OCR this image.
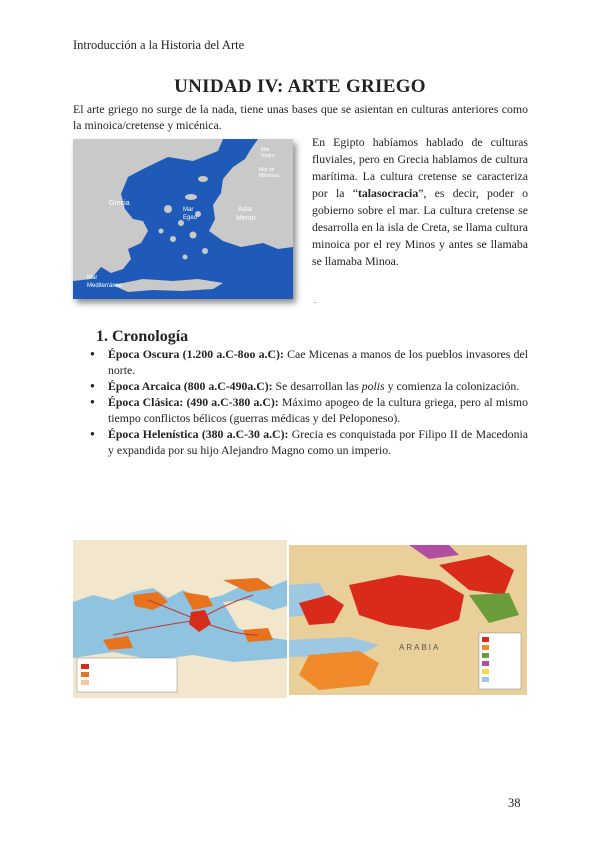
Introducción a la Historia del Arte
UNIDAD IV: ARTE GRIEGO
El arte griego no surge de la nada, tiene unas bases que se asientan en culturas anteriores como la minoica/cretense y micénica.
Grecia
Mar
Egeo
Asia
Menor
Mar
Negro
Mar de
Mármara
Mar
Mediterráneo
En Egipto habíamos hablado de culturas fluviales, pero en Grecia hablamos de cultura marítima. La cultura cretense se caracteriza por la “talasocracia”, es decir, poder o gobierno sobre el mar. La cultura cretense se desarrolla en la isla de Creta, se llama cultura minoica por el rey Minos y antes se llamaba se llamaba Minoa.
.
1. Cronología
● Época Oscura (1.200 a.C-8oo a.C): Cae Micenas a manos de los pueblos invasores del norte.
● Época Arcaica (800 a.C-490a.C): Se desarrollan las polis y comienza la colonización.
● Época Clásica: (490 a.C-380 a.C): Máximo apogeo de la cultura griega, pero al mismo tiempo conflictos bélicos (guerras médicas y del Peloponeso).
● Época Helenística (380 a.C-30 a.C): Grecia es conquistada por Filipo II de Macedonia y expandida por su hijo Alejandro Magno como un imperio.
ARABIA
38
